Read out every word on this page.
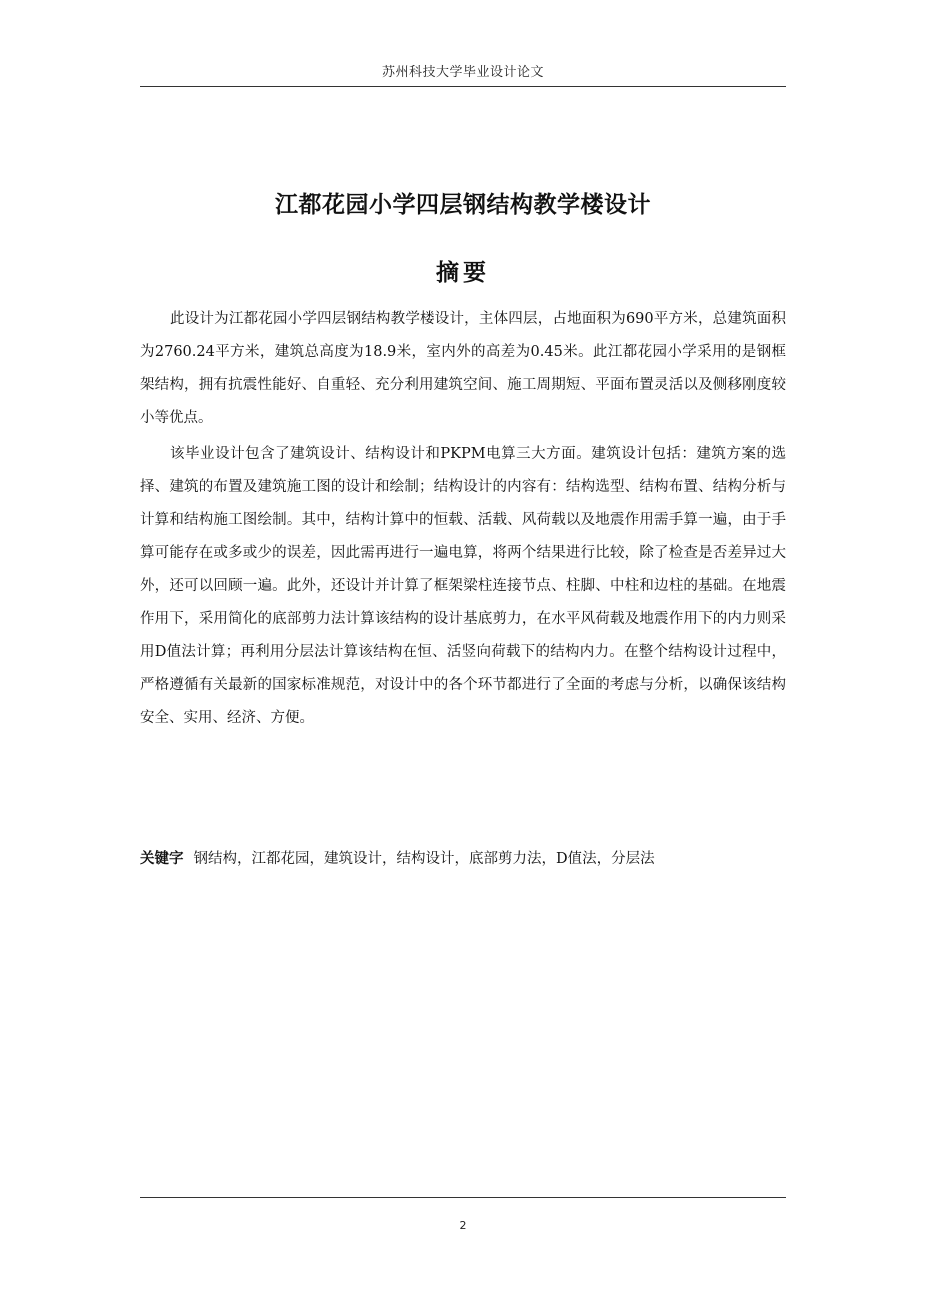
苏州科技大学毕业设计论文
江都花园小学四层钢结构教学楼设计
摘要

此设计为江都花园小学四层钢结构教学楼设计，主体四层，占地面积为690平方米，总建筑面积为2760.24平方米，建筑总高度为18.9米，室内外的高差为0.45米。此江都花园小学采用的是钢框架结构，拥有抗震性能好、自重轻、充分利用建筑空间、施工周期短、平面布置灵活以及侧移刚度较小等优点。

该毕业设计包含了建筑设计、结构设计和PKPM电算三大方面。建筑设计包括：建筑方案的选择、建筑的布置及建筑施工图的设计和绘制；结构设计的内容有：结构选型、结构布置、结构分析与计算和结构施工图绘制。其中，结构计算中的恒载、活载、风荷载以及地震作用需手算一遍，由于手算可能存在或多或少的误差，因此需再进行一遍电算，将两个结果进行比较，除了检查是否差异过大外，还可以回顾一遍。此外，还设计并计算了框架梁柱连接节点、柱脚、中柱和边柱的基础。在地震作用下，采用简化的底部剪力法计算该结构的设计基底剪力，在水平风荷载及地震作用下的内力则采用D值法计算；再利用分层法计算该结构在恒、活竖向荷载下的结构内力。在整个结构设计过程中，严格遵循有关最新的国家标准规范，对设计中的各个环节都进行了全面的考虑与分析，以确保该结构安全、实用、经济、方便。

关键字 钢结构，江都花园，建筑设计，结构设计，底部剪力法，D值法，分层法

2
